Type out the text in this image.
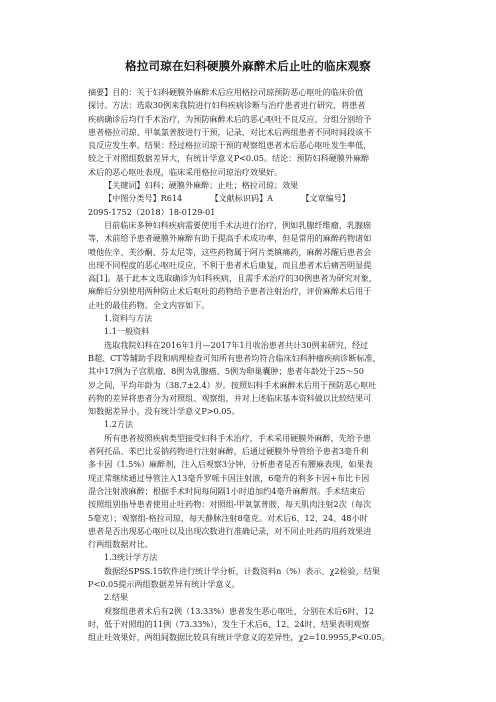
格拉司琼在妇科硬膜外麻醉术后止吐的临床观察
摘要】目的：关于妇科硬膜外麻醉术后应用格拉司琼预防恶心呕吐的临床价值
探讨。方法：选取30例来我院进行妇科疾病诊断与治疗患者进行研究，将患者
疾病确诊后均行手术治疗，为预防麻醉术后的恶心呕吐不良反应，分组分别给予
患者格拉司琼、甲氧氯普胺进行干预，记录、对比术后两组患者不同时间段该不
良反应发生率。结果：经过格拉司琼干预的观察组患者术后恶心呕吐发生率低，
较之于对照组数据差异大，有统计学意义P<0.05。结论：预防妇科硬膜外麻醉
术后的恶心呕吐表现，临床采用格拉司琼治疗效果好。
【关键词】妇科；硬膜外麻醉；止吐；格拉司琼；效果
【中图分类号】R614　　　　【文献标识码】A　　　　【文章编号】
2095-1752（2018）18-0129-01
目前临床多种妇科疾病需要使用手术法进行治疗，例如乳腺纤维瘤、乳腺癌
等，术前给予患者硬膜外麻醉有助于提高手术成功率，但是常用的麻醉药物诸如
喷他佐辛、芙沙酮、芬太尼等，这些药物属于阿片类镇痛药，麻醉苏醒后患者会
出现不同程度的恶心呕吐反应，不利于患者术后康复，而且患者术后痛苦明显提
高[1]。基于此本文选取确诊为妇科疾病，且需手术治疗的30例患者为研究对象，
麻醉后分别使用两种防止术后呕吐的药物给予患者注射治疗，评价麻醉术后用于
止吐的最佳药物。全文内容如下。
1.资料与方法
1.1一般资料
选取我院妇科在2016年1月—2017年1月收治患者共计30例来研究，经过
B超、CT等辅助手段和病理检查可知所有患者均符合临床妇科肿瘤疾病诊断标准，
其中17例为子宫肌瘤、8例为乳腺癌、5例为卵巢囊肿；患者年龄处于25～50
岁之间，平均年龄为（38.7±2.4）岁。按照妇科手术麻醉术后用于预防恶心呕吐
药物的差异将患者分为对照组、观察组，并对上述临床基本资料做以比较结果可
知数据差异小，没有统计学意义P>0.05。
1.2方法
所有患者按照疾病类型接受妇科手术治疗，手术采用硬膜外麻醉，先给予患
者阿托品、苯巴比妥钠药物进行注射麻醉，后通过硬膜外导管给予患者3毫升利
多卡因（1.5%）麻醉剂，注入后观察3分钟，分析患者是否有腰麻表现，如果表
现正常继续通过导管注入13毫升罗哌卡因注射液，6毫升的利多卡因+布比卡因
混合注射液麻醉；根据手术时间每间隔1小时追加约4毫升麻醉剂。手术结束后
按照组别指导患者使用止吐药物：对照组-甲氧氯普胺，每天肌肉注射2次（每次
5毫克）；观察组-格拉司琼，每天静脉注射8毫克。对术后6、12、24、48小时
患者是否出现恶心呕吐以及出现次数进行准确记录，对不同止吐药的用药效果进
行两组数据对比。
1.3统计学方法
数据经SPSS.15软件进行统计学分析，计数资料n（%）表示、χ2检验，结果
P<0.05提示两组数据差异有统计学意义。
2.结果
观察组患者术后有2例（13.33%）患者发生恶心呕吐，分别在术后6时、12
时，低于对照组的11例（73.33%），发生于术后6、12、24时，结果表明观察
组止吐效果好，两组间数据比较具有统计学意义的差异性，χ2=10.9955,P<0.05。
